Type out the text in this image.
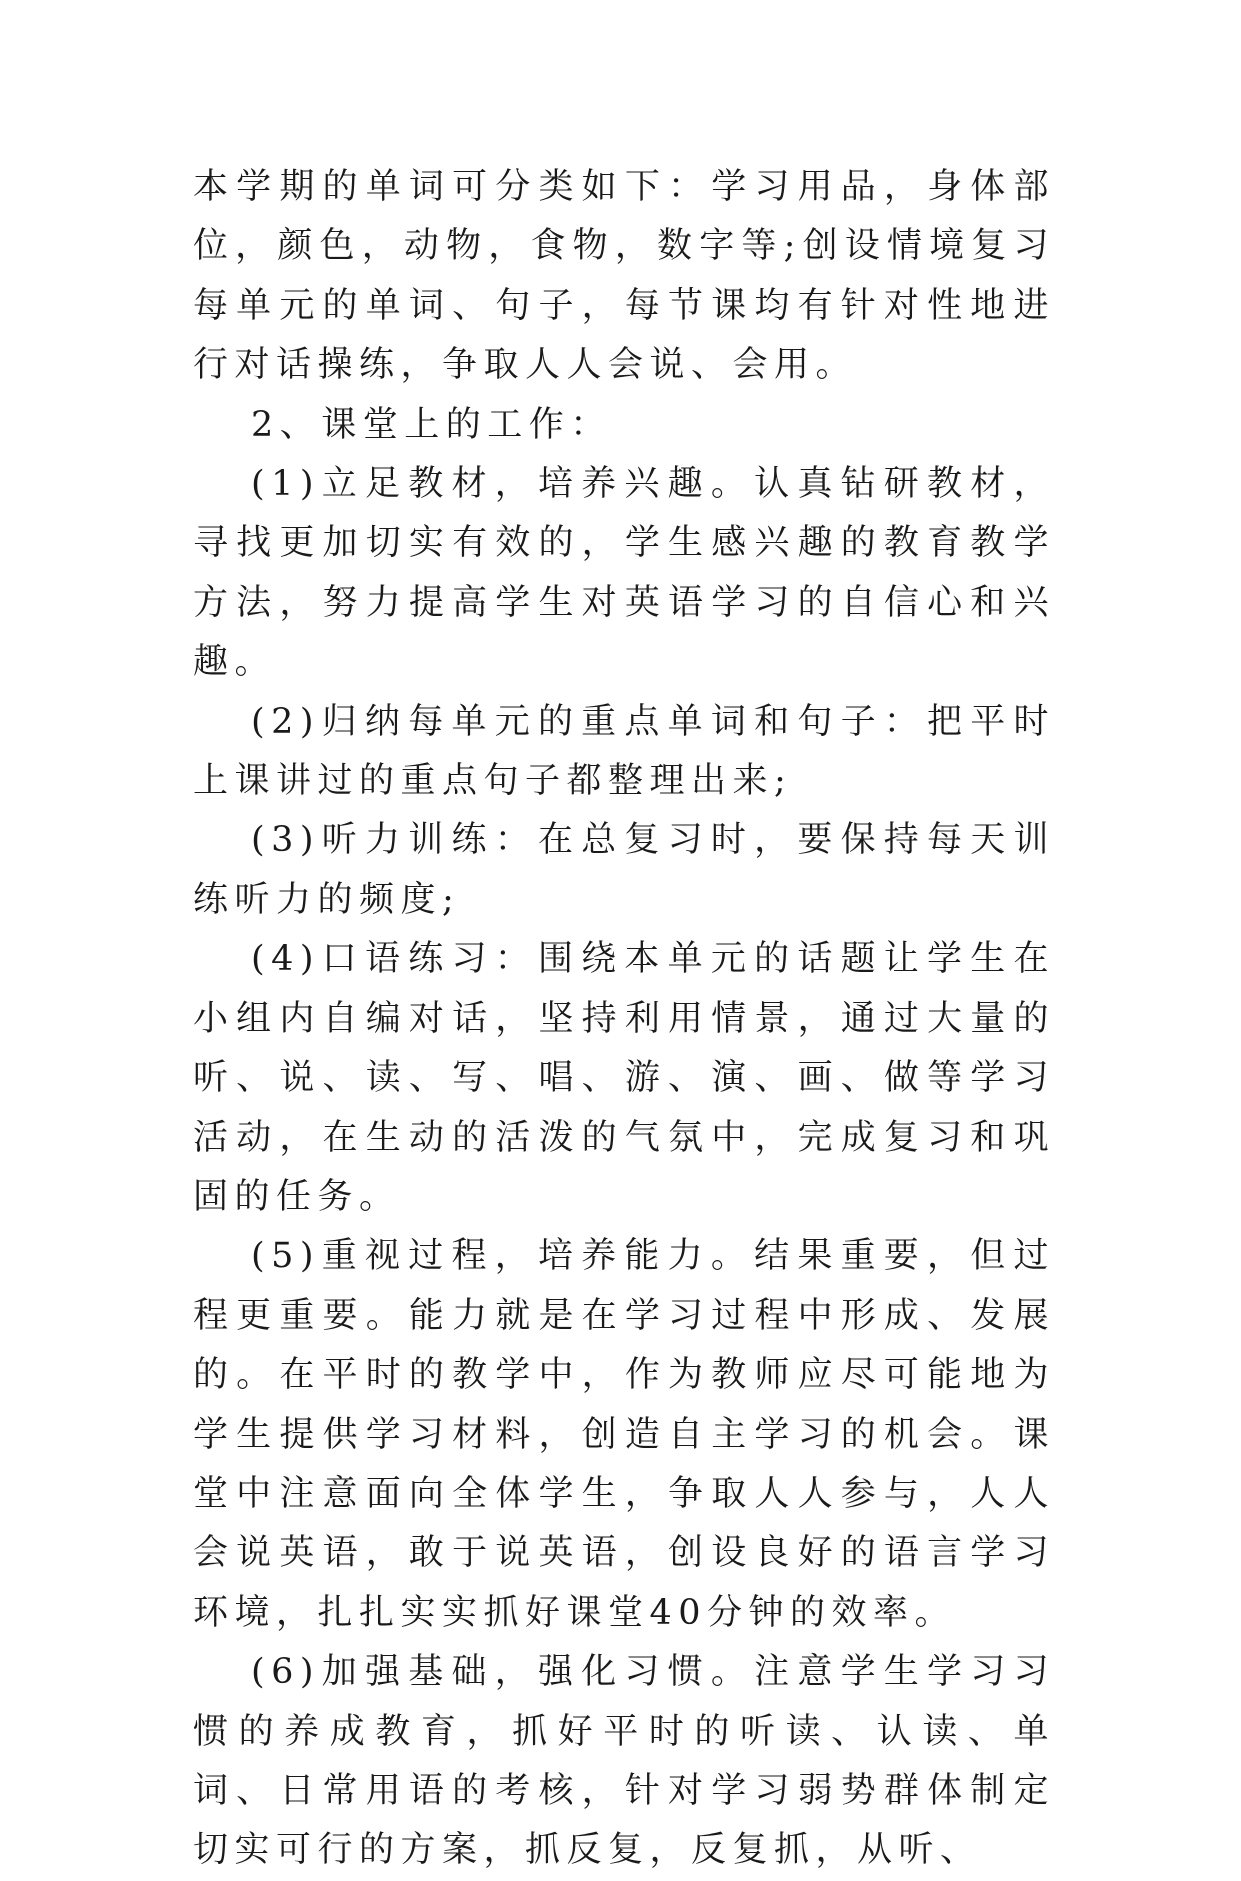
本学期的单词可分类如下：学习用品，身体部位，颜色，动物，食物，数字等;创设情境复习每单元的单词、句子，每节课均有针对性地进行对话操练，争取人人会说、会用。

2、课堂上的工作：

(1)立足教材，培养兴趣。认真钻研教材，寻找更加切实有效的，学生感兴趣的教育教学方法，努力提高学生对英语学习的自信心和兴趣。

(2)归纳每单元的重点单词和句子：把平时上课讲过的重点句子都整理出来;

(3)听力训练：在总复习时，要保持每天训练听力的频度;

(4)口语练习：围绕本单元的话题让学生在小组内自编对话，坚持利用情景，通过大量的听、说、读、写、唱、游、演、画、做等学习活动，在生动的活泼的气氛中，完成复习和巩固的任务。

(5)重视过程，培养能力。结果重要，但过程更重要。能力就是在学习过程中形成、发展的。在平时的教学中，作为教师应尽可能地为学生提供学习材料，创造自主学习的机会。课堂中注意面向全体学生，争取人人参与，人人会说英语，敢于说英语，创设良好的语言学习环境，扎扎实实抓好课堂40分钟的效率。

(6)加强基础，强化习惯。注意学生学习习惯的养成教育，抓好平时的听读、认读、单词、日常用语的考核，针对学习弱势群体制定切实可行的方案，抓反复，反复抓，从听、
